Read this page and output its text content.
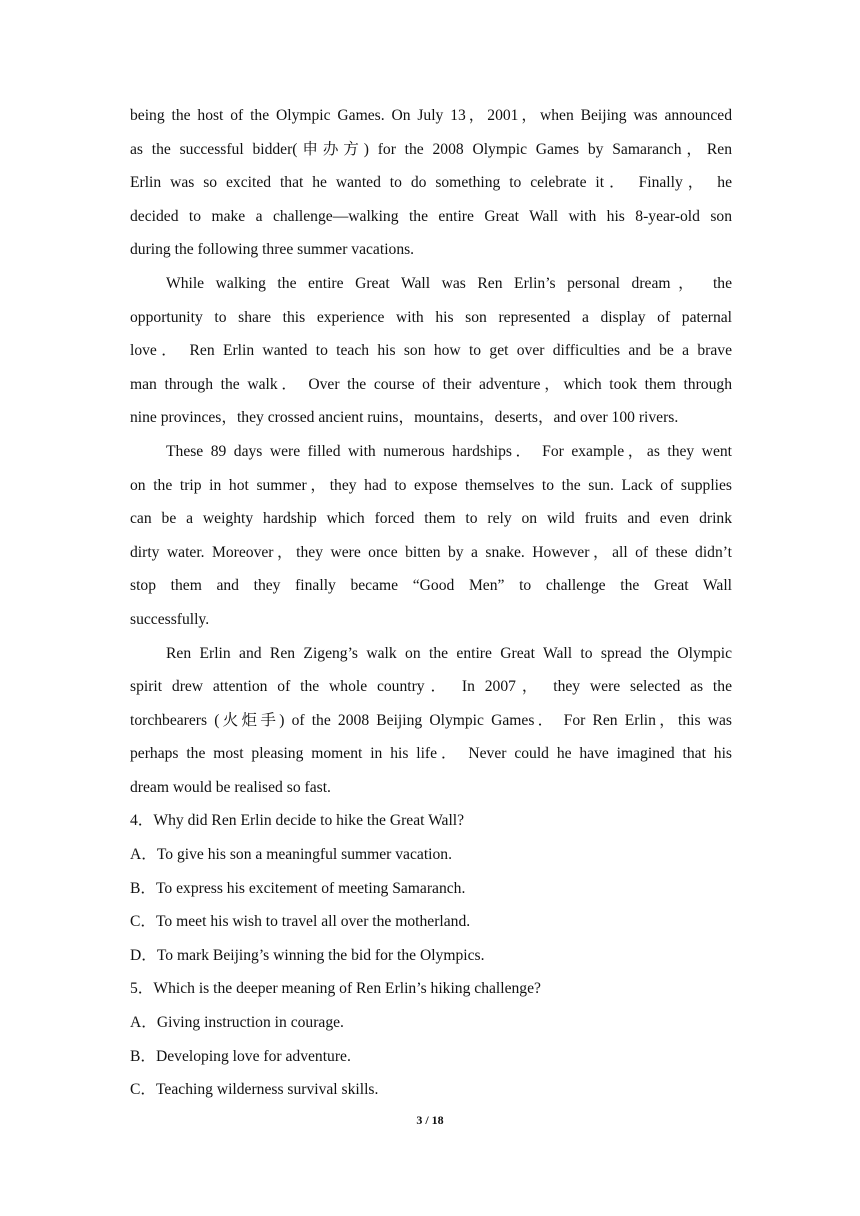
being the host of the Olympic Games. On July 13，2001，when Beijing was announced
as the successful bidder(申办方) for the 2008 Olympic Games by Samaranch，Ren
Erlin was so excited that he wanted to do something to celebrate it． Finally， he
decided to make a challenge—walking the entire Great Wall with his 8-year-old son
during the following three summer vacations.
While walking the entire Great Wall was Ren Erlin’s personal dream， the
opportunity to share this experience with his son represented a display of paternal
love． Ren Erlin wanted to teach his son how to get over difficulties and be a brave
man through the walk． Over the course of their adventure，which took them through
nine provinces，they crossed ancient ruins，mountains，deserts，and over 100 rivers.
These 89 days were filled with numerous hardships． For example，as they went
on the trip in hot summer，they had to expose themselves to the sun. Lack of supplies
can be a weighty hardship which forced them to rely on wild fruits and even drink
dirty water. Moreover，they were once bitten by a snake. However，all of these didn’t
stop them and they finally became “Good Men” to challenge the Great Wall
successfully.
Ren Erlin and Ren Zigeng’s walk on the entire Great Wall to spread the Olympic
spirit drew attention of the whole country． In 2007， they were selected as the
torchbearers (火炬手) of the 2008 Beijing Olympic Games． For Ren Erlin，this was
perhaps the most pleasing moment in his life． Never could he have imagined that his
dream would be realised so fast.
4．Why did Ren Erlin decide to hike the Great Wall?
A．To give his son a meaningful summer vacation.
B．To express his excitement of meeting Samaranch.
C．To meet his wish to travel all over the motherland.
D．To mark Beijing’s winning the bid for the Olympics.
5．Which is the deeper meaning of Ren Erlin’s hiking challenge?
A．Giving instruction in courage.
B．Developing love for adventure.
C．Teaching wilderness survival skills.
3 / 18
